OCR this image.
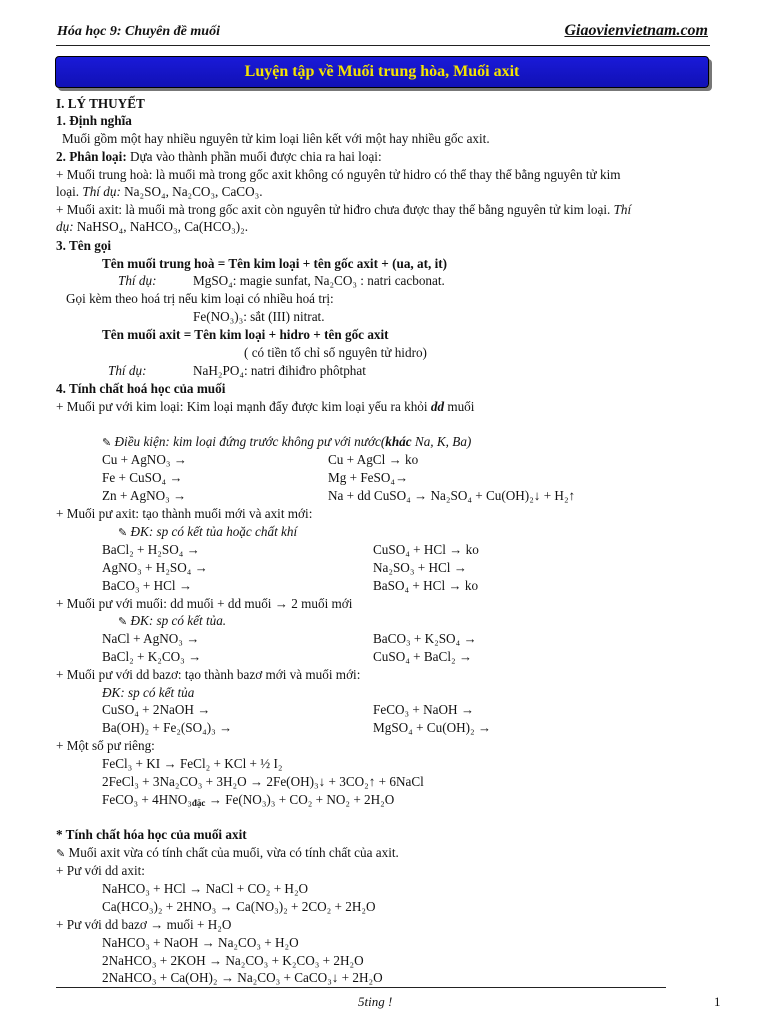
Hóa học 9: Chuyên đề muối	Giaovienvietnam.com
Luyện tập về Muối trung hòa, Muối axit
I. LÝ THUYẾT
1. Định nghĩa
Muối gồm một hay nhiều nguyên tử kim loại liên kết với một hay nhiều gốc axit.
2. Phân loại: Dựa vào thành phần muối được chia ra hai loại:
+ Muối trung hoà: là muối mà trong gốc axit không có nguyên tử hidro có thể thay thế bằng nguyên tử kim
loại. Thí dụ: Na₂SO₄, Na₂CO₃, CaCO₃.
+ Muối axit: là muối mà trong gốc axit còn nguyên tử hiđro chưa được thay thế bằng nguyên tử kim loại. Thí
dụ: NaHSO₄, NaHCO₃, Ca(HCO₃)₂.
3. Tên gọi
Tên muối trung hoà = Tên kim loại + tên gốc axit + (ua, at, it)
Thí dụ:	MgSO₄: magie sunfat, Na₂CO₃ : natri cacbonat.
Gọi kèm theo hoá trị nếu kim loại có nhiều hoá trị:
Fe(NO₃)₃: sắt (III) nitrat.
Tên muối axit = Tên kim loại + hidro + tên gốc axit
( có tiền tố chỉ số nguyên tử hidro)
Thí dụ:	NaH₂PO₄: natri đihiđro phôtphat
4. Tính chất hoá học của muối
+ Muối pư với kim loại: Kim loại mạnh đẩy được kim loại yếu ra khỏi dd muối
✎ Điều kiện: kim loại đứng trước không pư với nước(khác Na, K, Ba)
Cu + AgNO₃ →	Cu + AgCl → ko
Fe + CuSO₄ →	Mg + FeSO₄→
Zn + AgNO₃ →	Na + dd CuSO₄ → Na₂SO₄ + Cu(OH)₂↓ + H₂↑
+ Muối pư axit: tạo thành muối mới và axit mới:
✎ ĐK: sp có kết tủa hoặc chất khí
BaCl₂ + H₂SO₄ →	CuSO₄ + HCl → ko
AgNO₃ + H₂SO₄ →	Na₂SO₃ + HCl →
BaCO₃ + HCl →	BaSO₄ + HCl → ko
+ Muối pư với muối: dd muối + dd muối → 2 muối mới
✎ ĐK: sp có kết tủa.
NaCl + AgNO₃ →	BaCO₃ + K₂SO₄ →
BaCl₂ + K₂CO₃ →	CuSO₄ + BaCl₂ →
+ Muối pư với dd bazơ: tạo thành bazơ mới và muối mới:
ĐK: sp có kết tủa
CuSO₄ + 2NaOH →	FeCO₃ + NaOH →
Ba(OH)₂ + Fe₂(SO₄)₃ →	MgSO₄ + Cu(OH)₂ →
+ Một số pư riêng:
FeCl₃ + KI → FeCl₂ + KCl + ½ I₂
2FeCl₃ + 3Na₂CO₃ + 3H₂O → 2Fe(OH)₃↓ + 3CO₂↑ + 6NaCl
FeCO₃ + $4HNO_3_{đặc} \to Fe(NO_3)_3 + CO_2 + NO_2 + 2H_2O$
* Tính chất hóa học của muối axit
✎ Muối axit vừa có tính chất của muối, vừa có tính chất của axit.
+ Pư với dd axit:
NaHCO₃ + HCl → NaCl + CO₂ + H₂O
Ca(HCO₃)₂ + 2HNO₃ → Ca(NO₃)₂ + 2CO₂ + 2H₂O
+ Pư với dd bazơ → muối + H₂O
NaHCO₃ + NaOH → Na₂CO₃ + H₂O
2NaHCO₃ + 2KOH → Na₂CO₃ + K₂CO₃ + 2H₂O
2NaHCO₃ + Ca(OH)₂ → Na₂CO₃ + CaCO₃↓ + 2H₂O
5ting !	1
